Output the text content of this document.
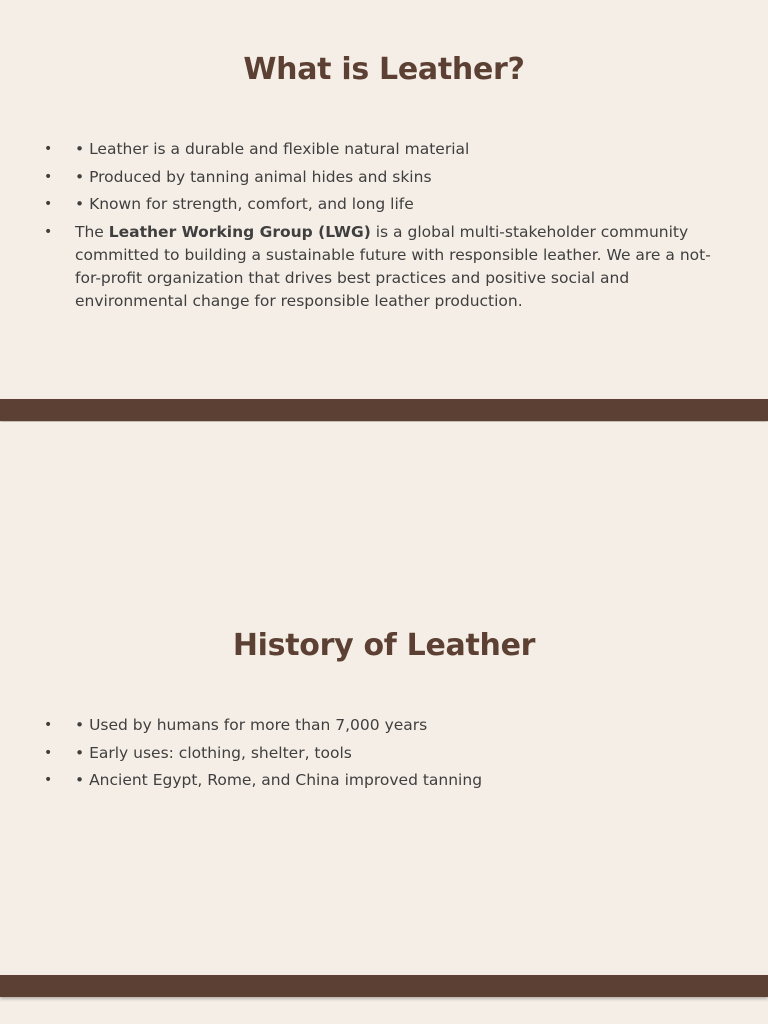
What is Leather?
• • Leather is a durable and flexible natural material
• • Produced by tanning animal hides and skins
• • Known for strength, comfort, and long life
• The Leather Working Group (LWG) is a global multi-stakeholder community committed to building a sustainable future with responsible leather. We are a not-for-profit organization that drives best practices and positive social and environmental change for responsible leather production.
History of Leather
• • Used by humans for more than 7,000 years
• • Early uses: clothing, shelter, tools
• • Ancient Egypt, Rome, and China improved tanning
